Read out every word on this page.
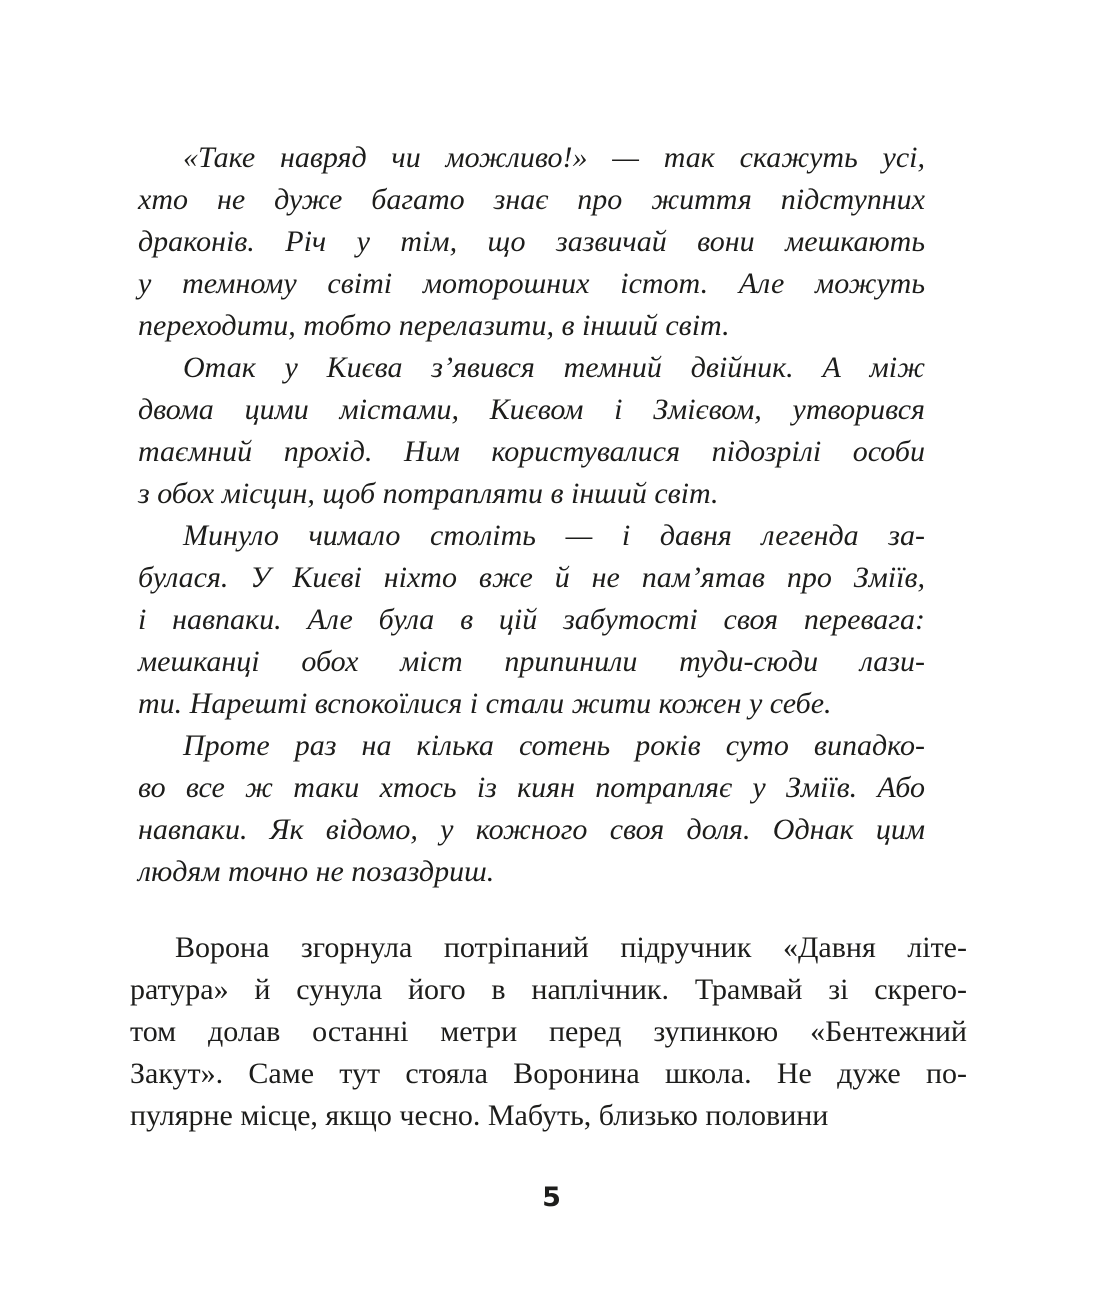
«Таке навряд чи можливо!» — так скажуть усі,
хто не дуже багато знає про життя підступних
драконів. Річ у тім, що зазвичай вони мешкають
у темному світі моторошних істот. Але можуть
переходити, тобто перелазити, в інший світ.

Отак у Києва з’явився темний двійник. А між
двома цими містами, Києвом і Змієвом, утворився
таємний прохід. Ним користувалися підозрілі особи
з обох місцин, щоб потрапляти в інший світ.

Минуло чимало століть — і давня легенда за-
булася. У Києві ніхто вже й не пам’ятав про Зміїв,
і навпаки. Але була в цій забутості своя перевага:
мешканці обох міст припинили туди-сюди лази-
ти. Нарешті вспокоїлися і стали жити кожен у себе.

Проте раз на кілька сотень років суто випадко-
во все ж таки хтось із киян потрапляє у Зміїв. Або
навпаки. Як відомо, у кожного своя доля. Однак цим
людям точно не позаздриш.

Ворона згорнула потріпаний підручник «Давня літе-
ратура» й сунула його в наплічник. Трамвай зі скрего-
том долав останні метри перед зупинкою «Бентежний
Закут». Саме тут стояла Воронина школа. Не дуже по-
пулярне місце, якщо чесно. Мабуть, близько половини

5
